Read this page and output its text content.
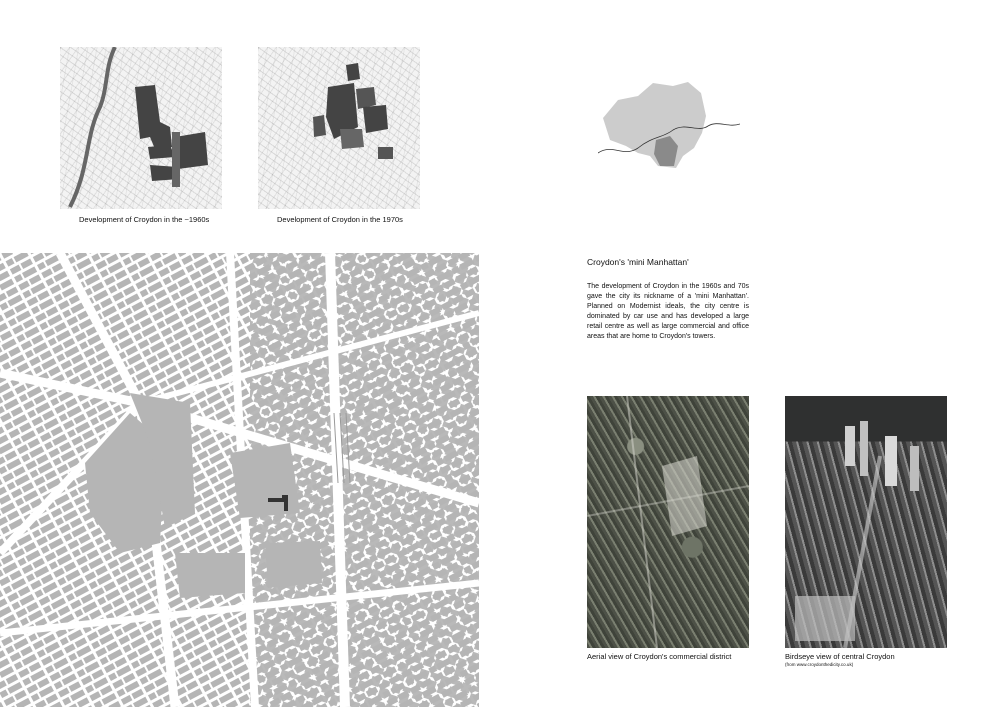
Development of Croydon in the ~1960s	Development of Croydon in the 1970s
Croydon's 'mini Manhattan'
The development of Croydon in the 1960s and 70s gave the city its nickname of a 'mini Manhattan'. Planned on Modernist ideals, the city centre is dominated by car use and has developed a large retail centre as well as large commercial and office areas that are home to Croydon's towers.
Aerial view of Croydon's commercial district	Birdseye view of central Croydon
(from www.croydonthedicity.co.uk)
